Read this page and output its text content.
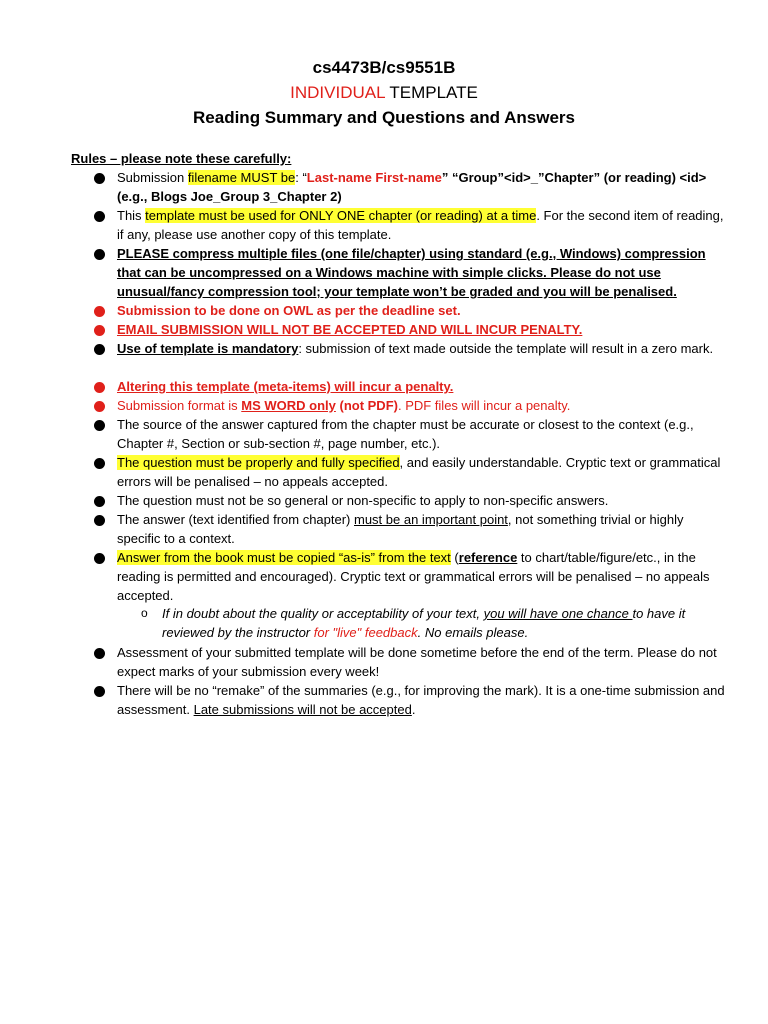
cs4473B/cs9551B
INDIVIDUAL TEMPLATE
Reading Summary and Questions and Answers
Rules – please note these carefully:
Submission filename MUST be: “Last-name First-name” “Group”<id>_”Chapter” (or reading) <id>
(e.g., Blogs Joe_Group 3_Chapter 2)
This template must be used for ONLY ONE chapter (or reading) at a time. For the second item of reading, if any, please use another copy of this template.
PLEASE compress multiple files (one file/chapter) using standard (e.g., Windows) compression that can be uncompressed on a Windows machine with simple clicks. Please do not use unusual/fancy compression tool; your template won’t be graded and you will be penalised.
Submission to be done on OWL as per the deadline set.
EMAIL SUBMISSION WILL NOT BE ACCEPTED AND WILL INCUR PENALTY.
Use of template is mandatory: submission of text made outside the template will result in a zero mark.
Altering this template (meta-items) will incur a penalty.
Submission format is MS WORD only (not PDF). PDF files will incur a penalty.
The source of the answer captured from the chapter must be accurate or closest to the context (e.g., Chapter #, Section or sub-section #, page number, etc.).
The question must be properly and fully specified, and easily understandable. Cryptic text or grammatical errors will be penalised – no appeals accepted.
The question must not be so general or non-specific to apply to non-specific answers.
The answer (text identified from chapter) must be an important point, not something trivial or highly specific to a context.
Answer from the book must be copied “as-is” from the text (reference to chart/table/figure/etc., in the reading is permitted and encouraged). Cryptic text or grammatical errors will be penalised – no appeals accepted.
o If in doubt about the quality or acceptability of your text, you will have one chance to have it reviewed by the instructor for "live" feedback. No emails please.
Assessment of your submitted template will be done sometime before the end of the term. Please do not expect marks of your submission every week!
There will be no “remake” of the summaries (e.g., for improving the mark). It is a one-time submission and assessment. Late submissions will not be accepted.
